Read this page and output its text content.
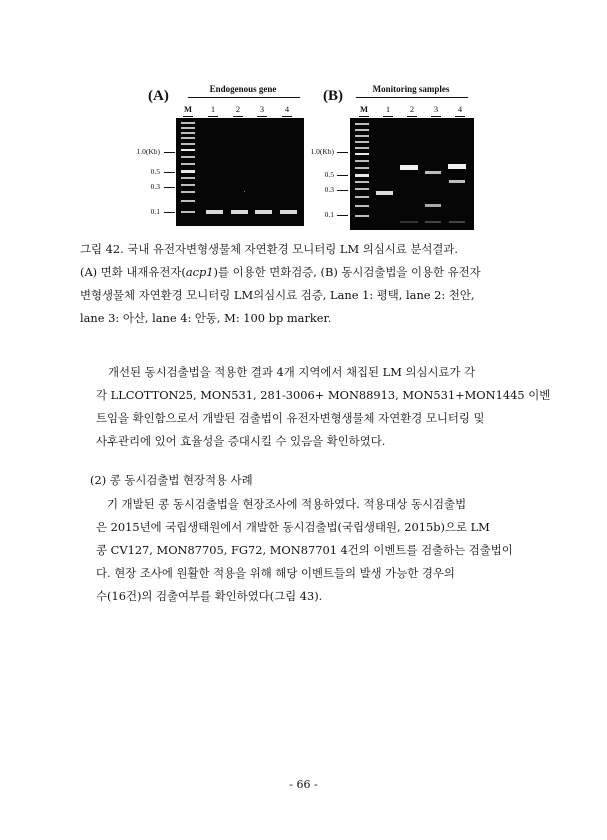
(A)	Endogenous gene
M	1	2	3	4
1.0(Kb)
0.5
0.3
0.1
(B)	Monitoring samples
M	1	2	3	4
1.0(Kb)
0.5
0.3
0.1

그림 42. 국내 유전자변형생물체 자연환경 모니터링 LM 의심시료 분석결과.

(A) 면화 내재유전자(acp1)를 이용한 면화검증, (B) 동시검출법을 이용한 유전자

변형생물체 자연환경 모니터링 LM의심시료 검증, Lane 1: 평택, lane 2: 천안,

lane 3: 아산, lane 4: 안동, M: 100 bp marker.

개선된 동시검출법을 적용한 결과 4개 지역에서 채집된 LM 의심시료가 각

각 LLCOTTON25, MON531, 281-3006+ MON88913, MON531+MON1445 이벤

트임을 확인함으로서 개발된 검출법이 유전자변형생물체 자연환경 모니터링 및

사후관리에 있어 효율성을 증대시킬 수 있음을 확인하였다.

(2) 콩 동시검출법 현장적용 사례

기 개발된 콩 동시검출법을 현장조사에 적용하였다. 적용대상 동시검출법

은 2015년에 국립생태원에서 개발한 동시검출법(국립생태원, 2015b)으로 LM

콩 CV127, MON87705, FG72, MON87701 4건의 이벤트를 검출하는 검출법이

다. 현장 조사에 원활한 적용을 위해 해당 이벤트들의 발생 가능한 경우의

수(16건)의 검출여부를 확인하였다(그림 43).

- 66 -
